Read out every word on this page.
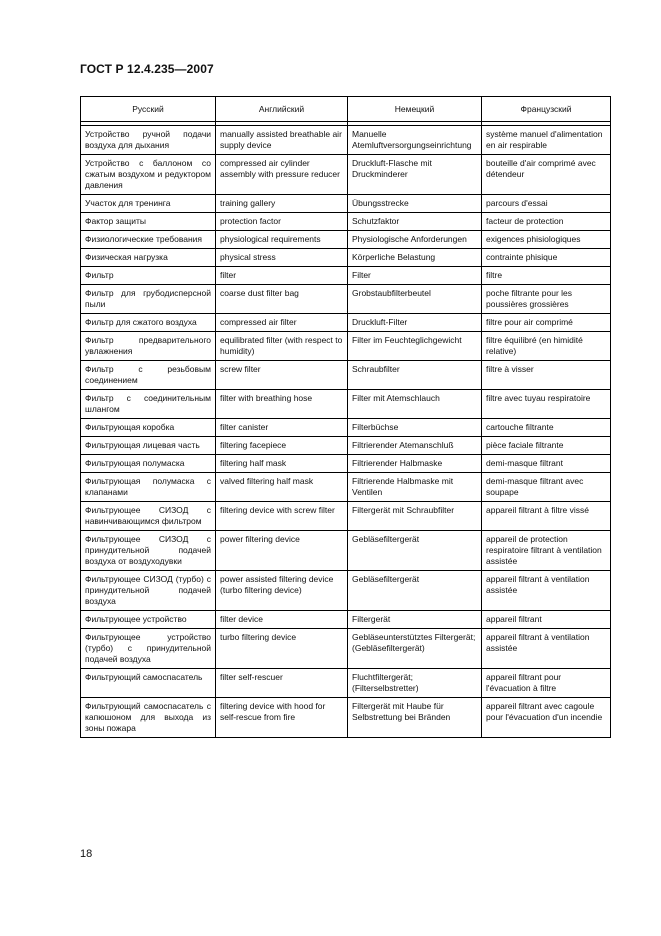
ГОСТ Р 12.4.235—2007
Русский	Английский	Немецкий	Французский

Устройство ручной подачи воздуха для дыхания	manually assisted breathable air supply device	Manuelle Atemluftversorgungseinrichtung	système manuel d'alimentation en air respirable
Устройство с баллоном со сжатым воздухом и редуктором давления	compressed air cylinder assembly with pressure reducer	Druckluft-Flasche mit Druckminderer	bouteille d'air comprimé avec détendeur
Участок для тренинга	training gallery	Übungsstrecke	parcours d'essai
Фактор защиты	protection factor	Schutzfaktor	facteur de protection
Физиологические требования	physiological requirements	Physiologische Anforderungen	exigences phisiologiques
Физическая нагрузка	physical stress	Körperliche Belastung	contrainte phisique
Фильтр	filter	Filter	filtre
Фильтр для грубодисперсной пыли	coarse dust filter bag	Grobstaubfilterbeutel	poche filtrante pour les poussières grossières
Фильтр для сжатого воздуха	compressed air filter	Druckluft-Filter	filtre pour air comprimé
Фильтр предварительного увлажнения	equilibrated filter (with respect to humidity)	Filter im Feuchteglichgewicht	filtre équilibré (en himidité relative)
Фильтр с резьбовым соединением	screw filter	Schraubfilter	filtre à visser
Фильтр с соединительным шлангом	filter with breathing hose	Filter mit Atemschlauch	filtre avec tuyau respiratoire
Фильтрующая коробка	filter canister	Filterbüchse	cartouche filtrante
Фильтрующая лицевая часть	filtering facepiece	Filtrierender Atemanschluß	pièce faciale filtrante
Фильтрующая полумаска	filtering half mask	Filtrierender Halbmaske	demi-masque filtrant
Фильтрующая полумаска с клапанами	valved filtering half mask	Filtrierende Halbmaske mit Ventilen	demi-masque filtrant avec soupape
Фильтрующее СИЗОД с навинчивающимся фильтром	filtering device with screw filter	Filtergerät mit Schraubfilter	appareil filtrant à filtre vissé
Фильтрующее СИЗОД с принудительной подачей воздуха от воздуходувки	power filtering device	Gebläsefiltergerät	appareil de protection respiratoire filtrant à ventilation assistée
Фильтрующее СИЗОД (турбо) с принудительной подачей воздуха	power assisted filtering device (turbo filtering device)	Gebläsefiltergerät	appareil filtrant à ventilation assistée
Фильтрующее устройство	filter device	Filtergerät	appareil filtrant
Фильтрующее устройство (турбо) с принудительной подачей воздуха	turbo filtering device	Gebläseunterstütztes Filtergerät; (Gebläsefiltergerät)	appareil filtrant à ventilation assistée
Фильтрующий самоспасатель	filter self-rescuer	Fluchtfiltergerät; (Filterselbstretter)	appareil filtrant pour l'évacuation à filtre
Фильтрующий самоспасатель с капюшоном для выхода из зоны пожара	filtering device with hood for self-rescue from fire	Filtergerät mit Haube für Selbstrettung bei Bränden	appareil filtrant avec cagoule pour l'évacuation d'un incendie
18
